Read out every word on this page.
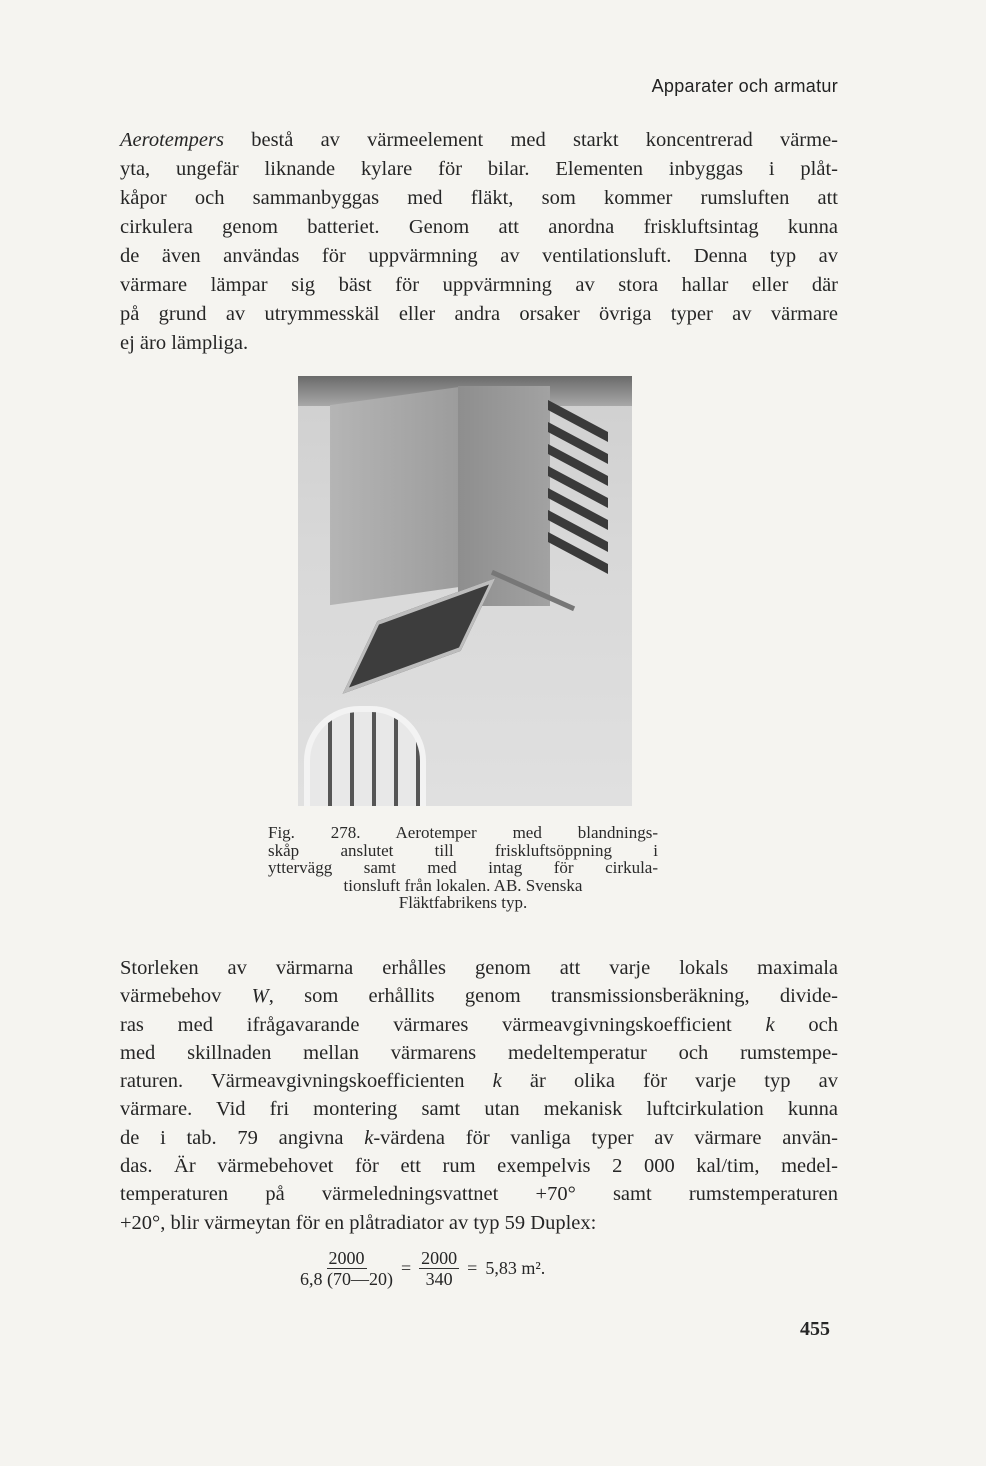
Apparater och armatur
Aerotempers bestå av värmeelement med starkt koncentrerad värme-
yta, ungefär liknande kylare för bilar. Elementen inbyggas i plåt-
kåpor och sammanbyggas med fläkt, som kommer rumsluften att
cirkulera genom batteriet. Genom att anordna friskluftsintag kunna
de även användas för uppvärmning av ventilationsluft. Denna typ av
värmare lämpar sig bäst för uppvärmning av stora hallar eller där
på grund av utrymmesskäl eller andra orsaker övriga typer av värmare
ej äro lämpliga.
Fig. 278. Aerotemper med blandnings-
skåp anslutet till friskluftsöppning i
yttervägg samt med intag för cirkula-
tionsluft från lokalen. AB. Svenska
Fläktfabrikens typ.
Storleken av värmarna erhålles genom att varje lokals maximala
värmebehov W, som erhållits genom transmissionsberäkning, divide-
ras med ifrågavarande värmares värmeavgivningskoefficient k och
med skillnaden mellan värmarens medeltemperatur och rumstempe-
raturen. Värmeavgivningskoefficienten k är olika för varje typ av
värmare. Vid fri montering samt utan mekanisk luftcirkulation kunna
de i tab. 79 angivna k-värdena för vanliga typer av värmare använ-
das. Är värmebehovet för ett rum exempelvis 2 000 kal/tim, medel-
temperaturen på värmeledningsvattnet +70° samt rumstemperaturen
+20°, blir värmeytan för en plåtradiator av typ 59 Duplex:
$\frac{2000}{6,8 (70—20)} = \frac{2000}{340} = 5,83$ m².
455
